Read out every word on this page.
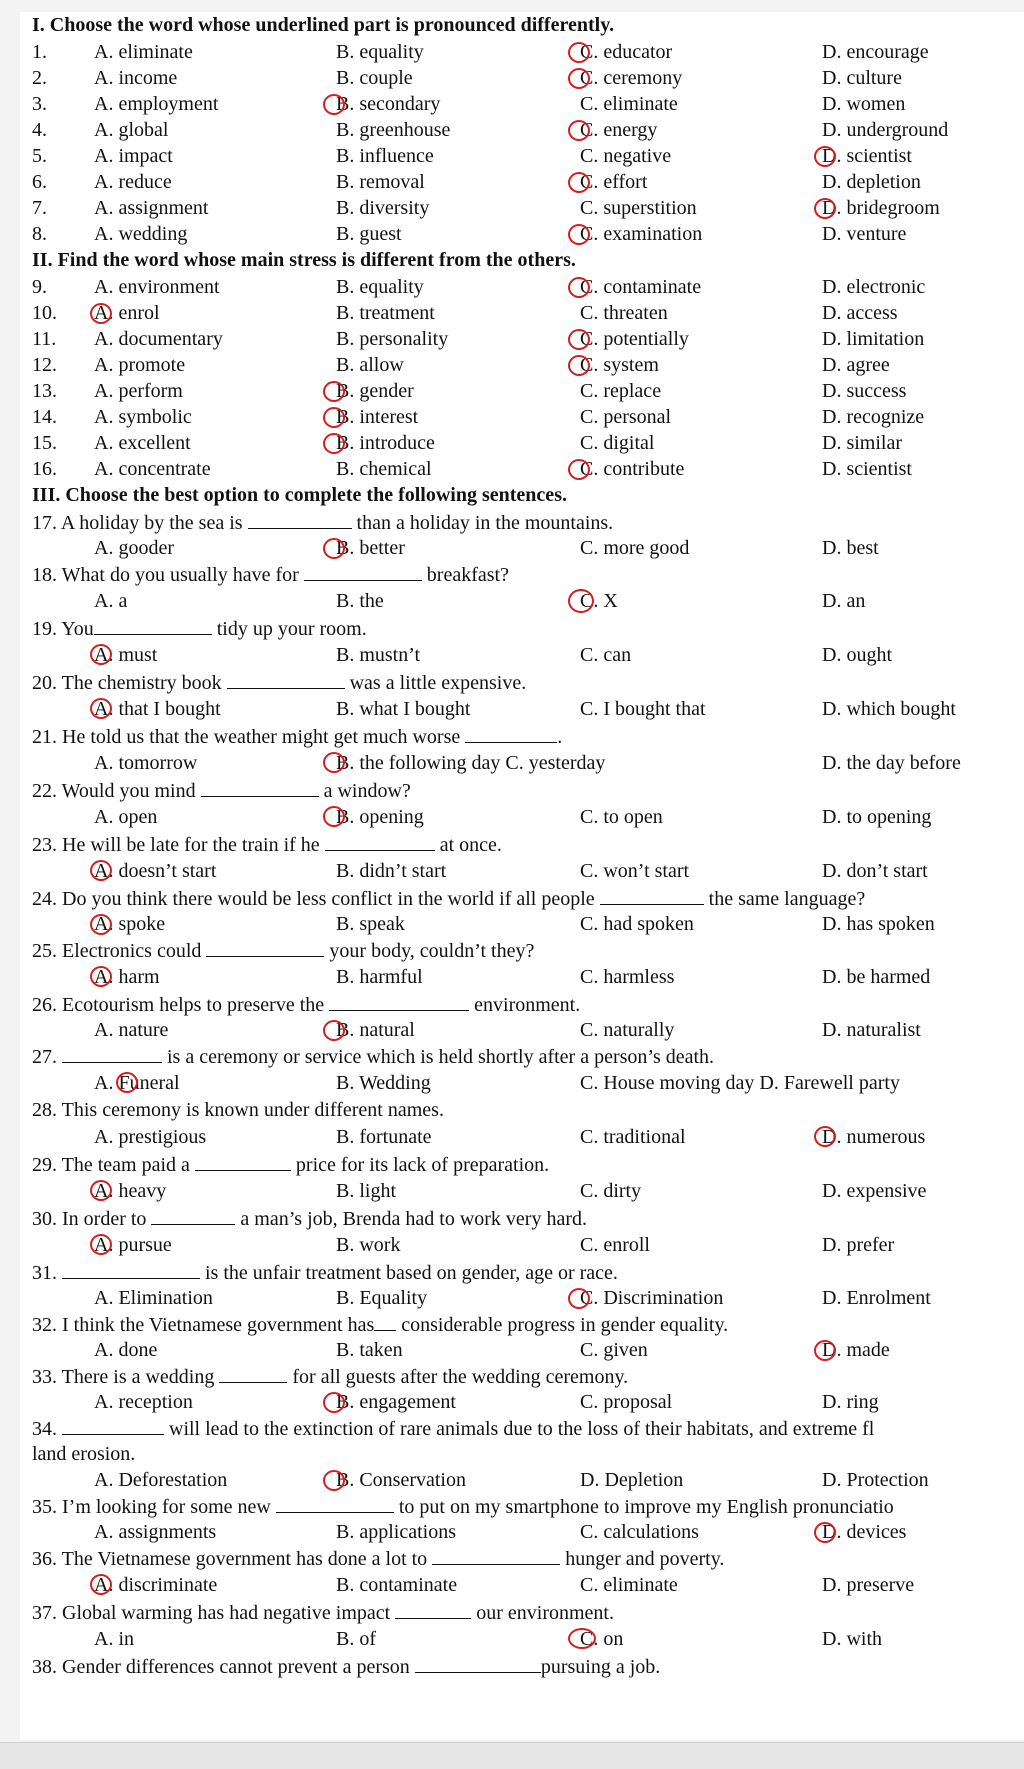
I. Choose the word whose underlined part is pronounced differently.
1. A. eliminate	B. equality	C. educator	D. encourage
2. A. income	B. couple	C. ceremony	D. culture
3. A. employment	B. secondary	C. eliminate	D. women
4. A. global	B. greenhouse	C. energy	D. underground
5. A. impact	B. influence	C. negative	D. scientist
6. A. reduce	B. removal	C. effort	D. depletion
7. A. assignment	B. diversity	C. superstition	D. bridegroom
8. A. wedding	B. guest	C. examination	D. venture
II. Find the word whose main stress is different from the others.
9. A. environment	B. equality	C. contaminate	D. electronic
10. A. enrol	B. treatment	C. threaten	D. access
11. A. documentary	B. personality	C. potentially	D. limitation
12. A. promote	B. allow	C. system	D. agree
13. A. perform	B. gender	C. replace	D. success
14. A. symbolic	B. interest	C. personal	D. recognize
15. A. excellent	B. introduce	C. digital	D. similar
16. A. concentrate	B. chemical	C. contribute	D. scientist
III. Choose the best option to complete the following sentences.
17. A holiday by the sea is	than a holiday in the mountains.
A. gooder	B. better	C. more good	D. best
18. What do you usually have for	breakfast?
A. a	B. the	C. X	D. an
19. You	tidy up your room.
A. must	B. mustn’t	C. can	D. ought
20. The chemistry book	was a little expensive.
A. that I bought	B. what I bought	C. I bought that	D. which bought
21. He told us that the weather might get much worse	.
A. tomorrow	B. the following day C. yesterday	D. the day before
22. Would you mind	a window?
A. open	B. opening	C. to open	D. to opening
23. He will be late for the train if he	at once.
A. doesn’t start	B. didn’t start	C. won’t start	D. don’t start
24. Do you think there would be less conflict in the world if all people	the same language?
A. spoke	B. speak	C. had spoken	D. has spoken
25. Electronics could	your body, couldn’t they?
A. harm	B. harmful	C. harmless	D. be harmed
26. Ecotourism helps to preserve the	environment.
A. nature	B. natural	C. naturally	D. naturalist
27.	is a ceremony or service which is held shortly after a person’s death.
A. Funeral	B. Wedding	C. House moving day D. Farewell party
28. This ceremony is known under different names.
A. prestigious	B. fortunate	C. traditional	D. numerous
29. The team paid a	price for its lack of preparation.
A. heavy	B. light	C. dirty	D. expensive
30. In order to	a man’s job, Brenda had to work very hard.
A. pursue	B. work	C. enroll	D. prefer
31.	is the unfair treatment based on gender, age or race.
A. Elimination	B. Equality	C. Discrimination	D. Enrolment
32. I think the Vietnamese government has considerable progress in gender equality.
A. done	B. taken	C. given	D. made
33. There is a wedding	for all guests after the wedding ceremony.
A. reception	B. engagement	C. proposal	D. ring
34.	will lead to the extinction of rare animals due to the loss of their habitats, and extreme fl
land erosion.
A. Deforestation	B. Conservation	D. Depletion	D. Protection
35. I’m looking for some new	to put on my smartphone to improve my English pronunciatio
A. assignments	B. applications	C. calculations	D. devices
36. The Vietnamese government has done a lot to	hunger and poverty.
A. discriminate	B. contaminate	C. eliminate	D. preserve
37. Global warming has had negative impact	our environment.
A. in	B. of	C. on	D. with
38. Gender differences cannot prevent a person	pursuing a job.
